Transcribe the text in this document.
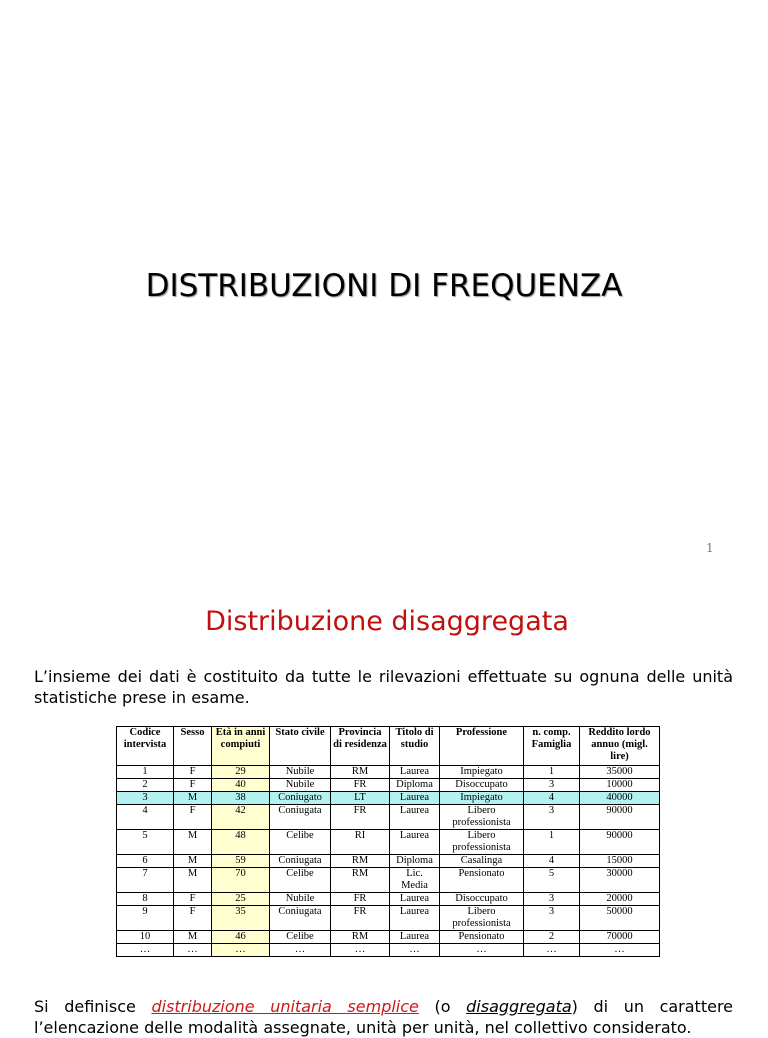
DISTRIBUZIONI DI FREQUENZA
1
Distribuzione disaggregata
L’insieme dei dati è costituito da tutte le rilevazioni effettuate su ognuna delle unità statistiche prese in esame.
Codice intervista	Sesso	Età in anni compiuti	Stato civile	Provincia di residenza	Titolo di studio	Professione	n. comp. Famiglia	Reddito lordo annuo (migl. lire)
1	F	29	Nubile	RM	Laurea	Impiegato	1	35000
2	F	40	Nubile	FR	Diploma	Disoccupato	3	10000
3	M	38	Coniugato	LT	Laurea	Impiegato	4	40000
4	F	42	Coniugata	FR	Laurea	Libero professionista	3	90000
5	M	48	Celibe	RI	Laurea	Libero professionista	1	90000
6	M	59	Coniugata	RM	Diploma	Casalinga	4	15000
7	M	70	Celibe	RM	Lic. Media	Pensionato	5	30000
8	F	25	Nubile	FR	Laurea	Disoccupato	3	20000
9	F	35	Coniugata	FR	Laurea	Libero professionista	3	50000
10	M	46	Celibe	RM	Laurea	Pensionato	2	70000
…	…	…	…	…	…	…	…	…
Si definisce distribuzione unitaria semplice (o disaggregata) di un carattere
l’elencazione delle modalità assegnate, unità per unità, nel collettivo considerato.
